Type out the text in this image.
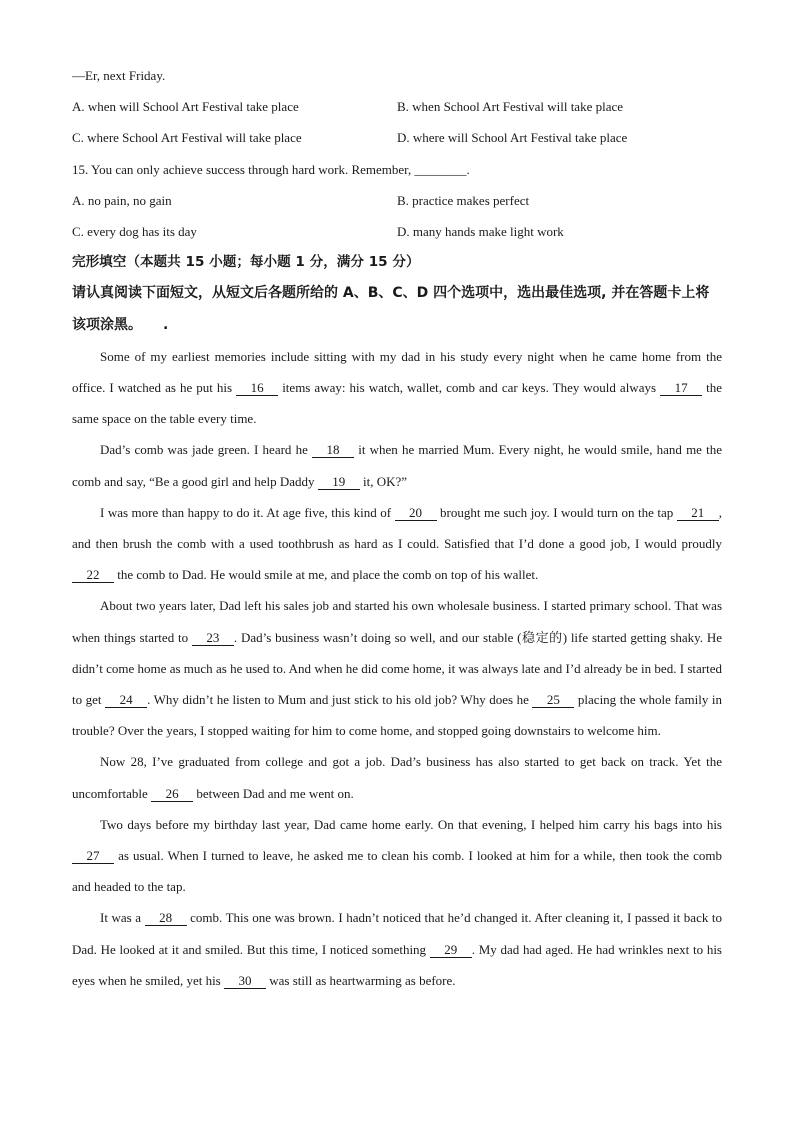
—Er, next Friday.
A. when will School Art Festival take place	B. when School Art Festival will take place
C. where School Art Festival will take place	D. where will School Art Festival take place
15. You can only achieve success through hard work. Remember, ________.
A. no pain, no gain	B. practice makes perfect
C. every dog has its day	D. many hands make light work
完形填空（本题共 15 小题；每小题 1 分，满分 15 分）
请认真阅读下面短文，从短文后各题所给的 A、B、C、D 四个选项中，选出最佳选项, 并在答题卡上将该项涂黑。　　.

Some of my earliest memories include sitting with my dad in his study every night when he came home from the office. I watched as he put his 16 items away: his watch, wallet, comb and car keys. They would always 17 the same space on the table every time.

Dad’s comb was jade green. I heard he 18 it when he married Mum. Every night, he would smile, hand me the comb and say, “Be a good girl and help Daddy 19 it, OK?”

I was more than happy to do it. At age five, this kind of 20 brought me such joy. I would turn on the tap 21 , and then brush the comb with a used toothbrush as hard as I could. Satisfied that I’d done a good job, I would proudly 22 the comb to Dad. He would smile at me, and place the comb on top of his wallet.

About two years later, Dad left his sales job and started his own wholesale business. I started primary school. That was when things started to 23 . Dad’s business wasn’t doing so well, and our stable (稳定的) life started getting shaky. He didn’t come home as much as he used to. And when he did come home, it was always late and I’d already be in bed. I started to get 24 . Why didn’t he listen to Mum and just stick to his old job? Why does he 25 placing the whole family in trouble? Over the years, I stopped waiting for him to come home, and stopped going downstairs to welcome him.

Now 28, I’ve graduated from college and got a job. Dad’s business has also started to get back on track. Yet the uncomfortable 26 between Dad and me went on.

Two days before my birthday last year, Dad came home early. On that evening, I helped him carry his bags into his 27 as usual. When I turned to leave, he asked me to clean his comb. I looked at him for a while, then took the comb and headed to the tap.

It was a 28 comb. This one was brown. I hadn’t noticed that he’d changed it. After cleaning it, I passed it back to Dad. He looked at it and smiled. But this time, I noticed something 29 . My dad had aged. He had wrinkles next to his eyes when he smiled, yet his 30 was still as heartwarming as before.
